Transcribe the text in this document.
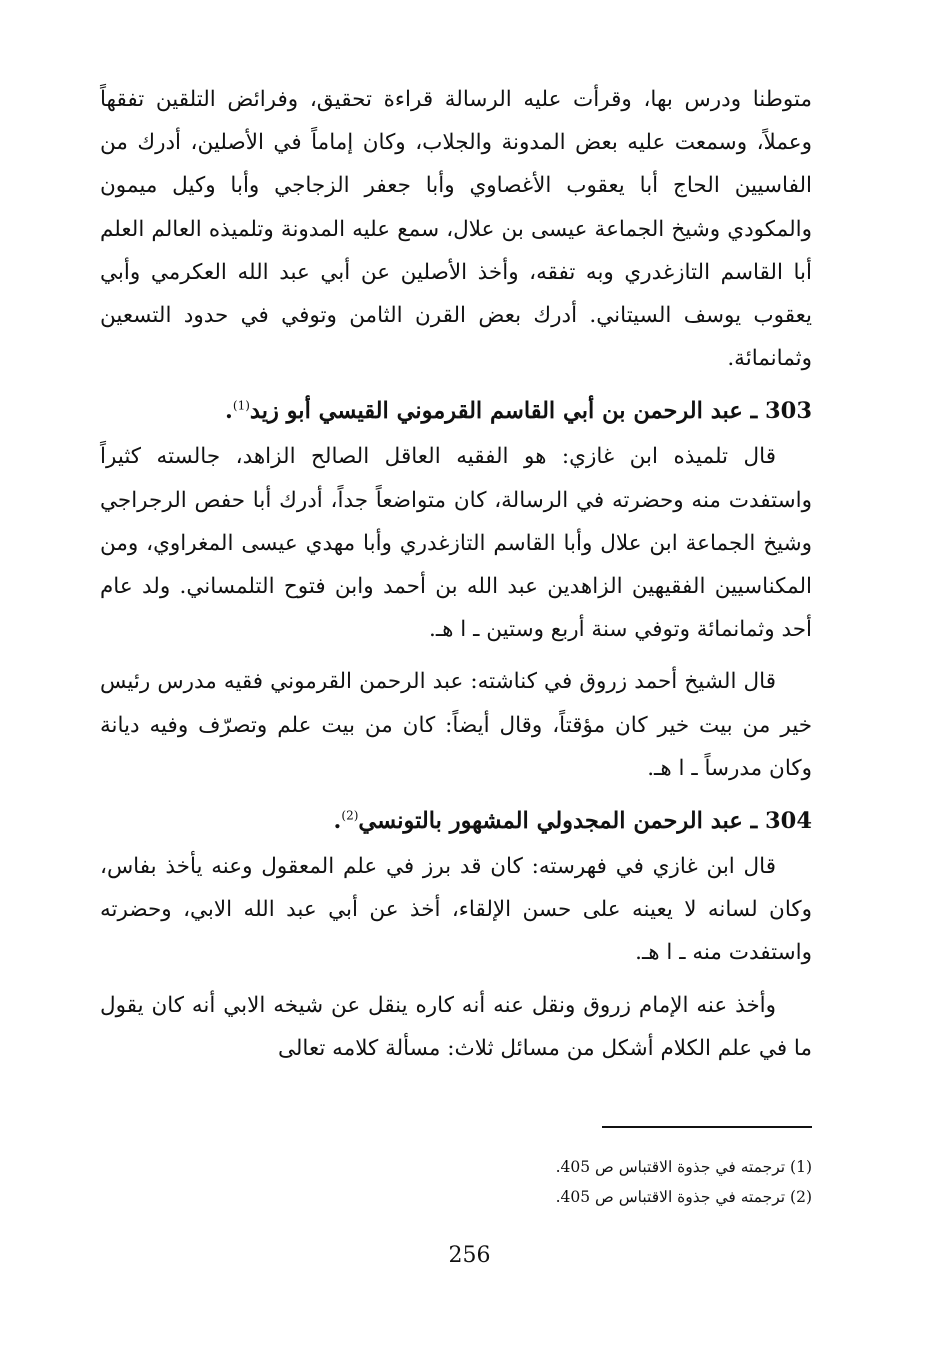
متوطنا ودرس بها، وقرأت عليه الرسالة قراءة تحقيق، وفرائض التلقين تفقهاً وعملاً، وسمعت عليه بعض المدونة والجلاب، وكان إماماً في الأصلين، أدرك من الفاسيين الحاج أبا يعقوب الأغصاوي وأبا جعفر الزجاجي وأبا وكيل ميمون والمكودي وشيخ الجماعة عيسى بن علال، سمع عليه المدونة وتلميذه العالم العلم أبا القاسم التازغدري وبه تفقه، وأخذ الأصلين عن أبي عبد الله العكرمي وأبي يعقوب يوسف السيتاني. أدرك بعض القرن الثامن وتوفي في حدود التسعين وثمانمائة.

303 ـ عبد الرحمن بن أبي القاسم القرموني القيسي أبو زيد$^{(1)}$.

قال تلميذه ابن غازي: هو الفقيه العاقل الصالح الزاهد، جالسته كثيراً واستفدت منه وحضرته في الرسالة، كان متواضعاً جداً، أدرك أبا حفص الرجراجي وشيخ الجماعة ابن علال وأبا القاسم التازغدري وأبا مهدي عيسى المغراوي، ومن المكناسيين الفقيهين الزاهدين عبد الله بن أحمد وابن فتوح التلمساني. ولد عام أحد وثمانمائة وتوفي سنة أربع وستين ـ ا هـ.

قال الشيخ أحمد زروق في كناشته: عبد الرحمن القرموني فقيه مدرس رئيس خير من بيت خير كان مؤقتاً، وقال أيضاً: كان من بيت علم وتصرّف وفيه ديانة وكان مدرساً ـ ا هـ.

304 ـ عبد الرحمن المجدولي المشهور بالتونسي$^{(2)}$.

قال ابن غازي في فهرسته: كان قد برز في علم المعقول وعنه يأخذ بفاس، وكان لسانه لا يعينه على حسن الإلقاء، أخذ عن أبي عبد الله الابي، وحضرته واستفدت منه ـ ا هـ.

وأخذ عنه الإمام زروق ونقل عنه أنه كاره ينقل عن شيخه الابي أنه كان يقول ما في علم الكلام أشكل من مسائل ثلاث: مسألة كلامه تعالى

(1) ترجمته في جذوة الاقتباس ص 405.

(2) ترجمته في جذوة الاقتباس ص 405.

256
